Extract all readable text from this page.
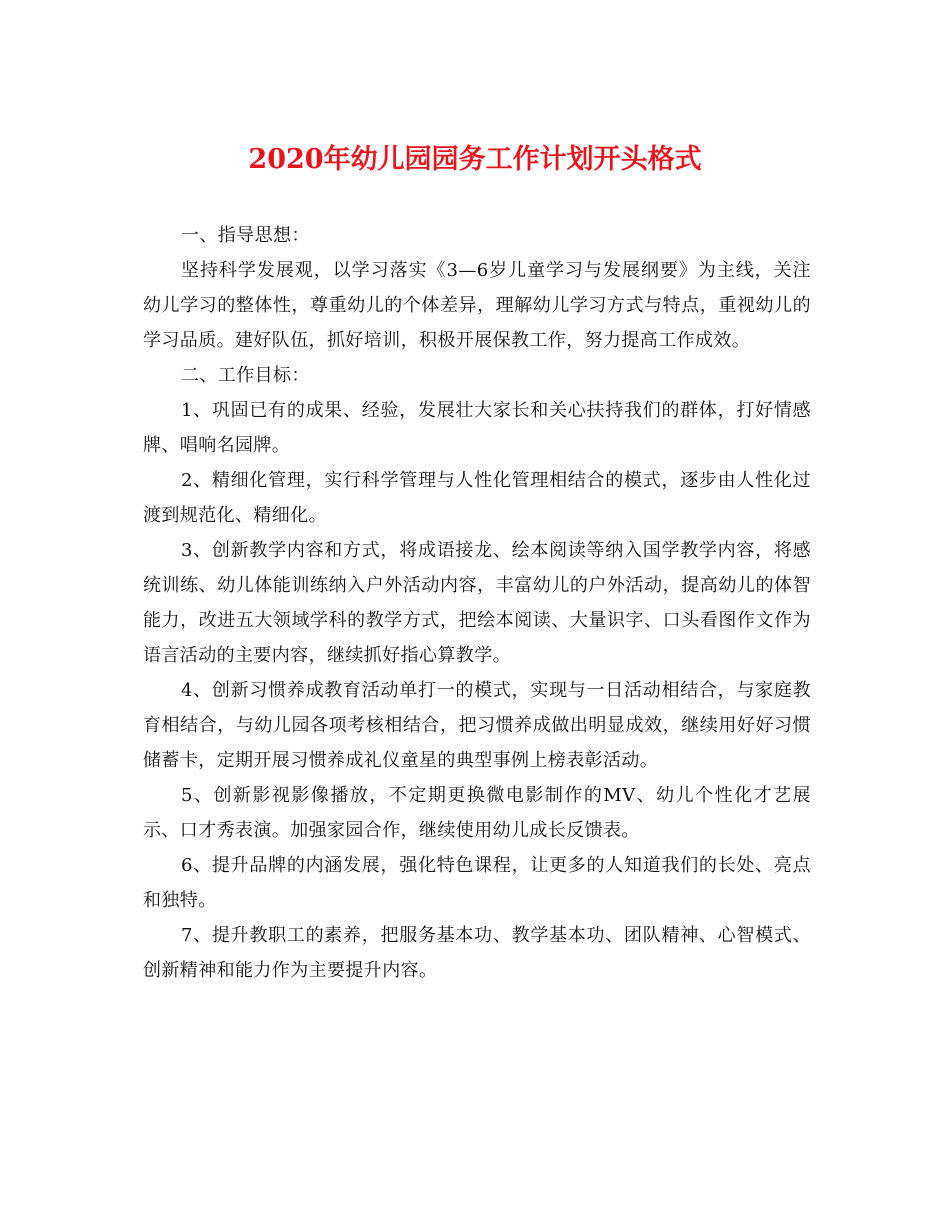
2020年幼儿园园务工作计划开头格式

一、指导思想：

坚持科学发展观，以学习落实《3—6岁儿童学习与发展纲要》为主线，关注幼儿学习的整体性，尊重幼儿的个体差异，理解幼儿学习方式与特点，重视幼儿的学习品质。建好队伍，抓好培训，积极开展保教工作，努力提高工作成效。

二、工作目标：

1、巩固已有的成果、经验，发展壮大家长和关心扶持我们的群体，打好情感牌、唱响名园牌。

2、精细化管理，实行科学管理与人性化管理相结合的模式，逐步由人性化过渡到规范化、精细化。

3、创新教学内容和方式，将成语接龙、绘本阅读等纳入国学教学内容，将感统训练、幼儿体能训练纳入户外活动内容，丰富幼儿的户外活动，提高幼儿的体智能力，改进五大领域学科的教学方式，把绘本阅读、大量识字、口头看图作文作为语言活动的主要内容，继续抓好指心算教学。

4、创新习惯养成教育活动单打一的模式，实现与一日活动相结合，与家庭教育相结合，与幼儿园各项考核相结合，把习惯养成做出明显成效，继续用好好习惯储蓄卡，定期开展习惯养成礼仪童星的典型事例上榜表彰活动。

5、创新影视影像播放，不定期更换微电影制作的MV、幼儿个性化才艺展示、口才秀表演。加强家园合作，继续使用幼儿成长反馈表。

6、提升品牌的内涵发展，强化特色课程，让更多的人知道我们的长处、亮点和独特。

7、提升教职工的素养，把服务基本功、教学基本功、团队精神、心智模式、创新精神和能力作为主要提升内容。
